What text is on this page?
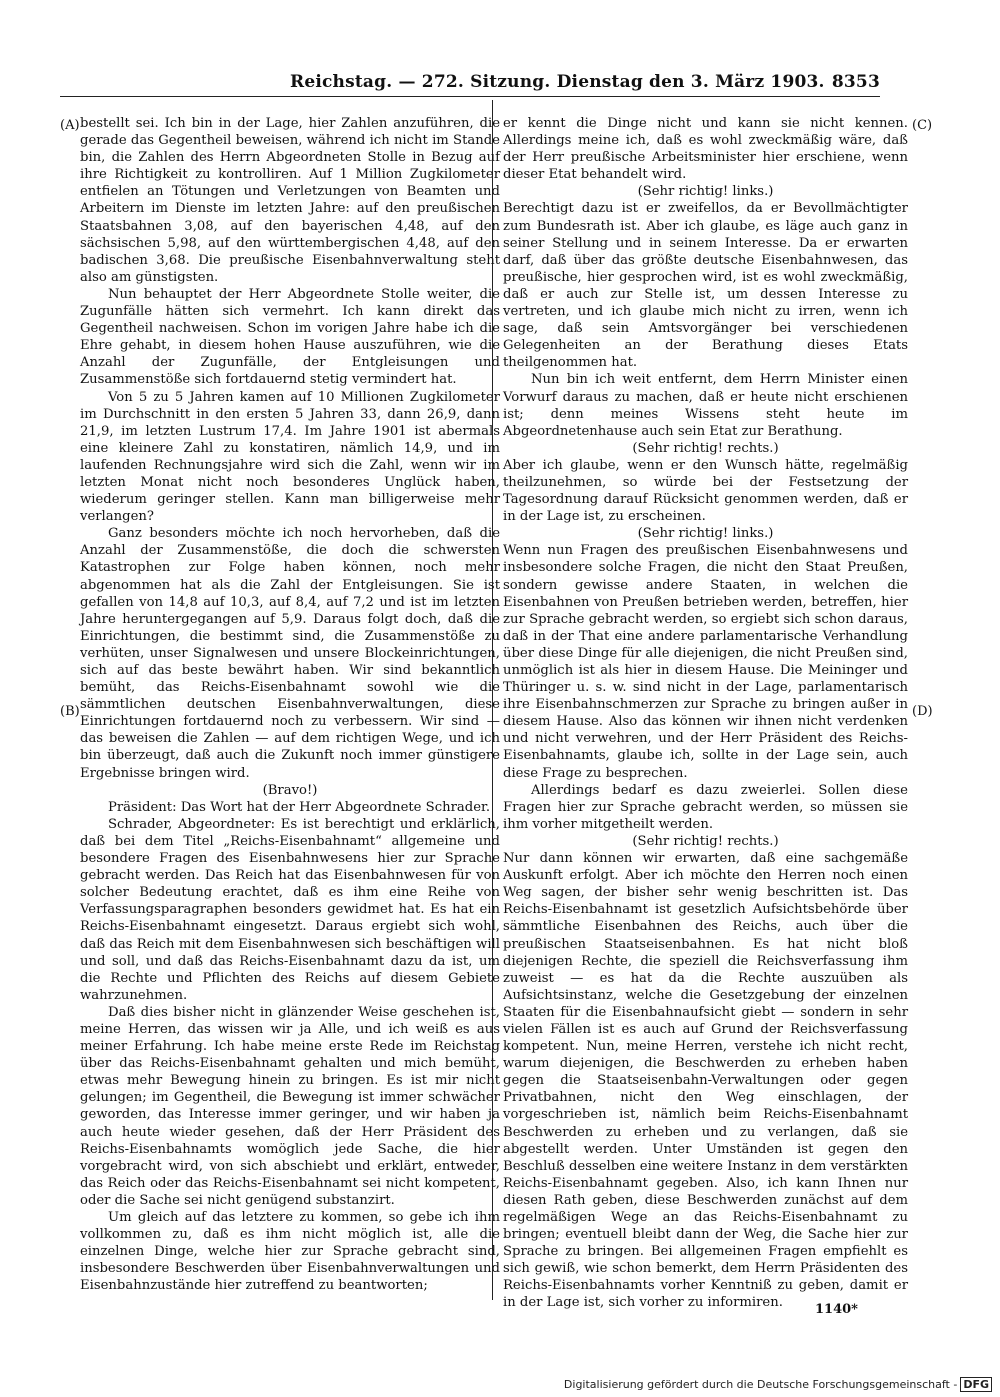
Reichstag. — 272. Sitzung. Dienstag den 3. März 1903. 8353
(A)
(B)
(C)
(D)

bestellt sei. Ich bin in der Lage, hier Zahlen anzuführen, die gerade das Gegentheil beweisen, während ich nicht im Stande bin, die Zahlen des Herrn Abgeordneten Stolle in Bezug auf ihre Richtigkeit zu kontrolliren. Auf 1 Million Zugkilometer entfielen an Tötungen und Verletzungen von Beamten und Arbeitern im Dienste im letzten Jahre: auf den preußischen Staatsbahnen 3,08, auf den bayerischen 4,48, auf den sächsischen 5,98, auf den württembergischen 4,48, auf den badischen 3,68. Die preußische Eisenbahnverwaltung steht also am günstigsten.

Nun behauptet der Herr Abgeordnete Stolle weiter, die Zugunfälle hätten sich vermehrt. Ich kann direkt das Gegentheil nachweisen. Schon im vorigen Jahre habe ich die Ehre gehabt, in diesem hohen Hause auszuführen, wie die Anzahl der Zugunfälle, der Entgleisungen und Zusammenstöße sich fortdauernd stetig vermindert hat.

Von 5 zu 5 Jahren kamen auf 10 Millionen Zugkilometer im Durchschnitt in den ersten 5 Jahren 33, dann 26,9, dann 21,9, im letzten Lustrum 17,4. Im Jahre 1901 ist abermals eine kleinere Zahl zu konstatiren, nämlich 14,9, und im laufenden Rechnungsjahre wird sich die Zahl, wenn wir im letzten Monat nicht noch besonderes Unglück haben, wiederum geringer stellen. Kann man billigerweise mehr verlangen?

Ganz besonders möchte ich noch hervorheben, daß die Anzahl der Zusammenstöße, die doch die schwersten Katastrophen zur Folge haben können, noch mehr abgenommen hat als die Zahl der Entgleisungen. Sie ist gefallen von 14,8 auf 10,3, auf 8,4, auf 7,2 und ist im letzten Jahre heruntergegangen auf 5,9. Daraus folgt doch, daß die Einrichtungen, die bestimmt sind, die Zusammenstöße zu verhüten, unser Signalwesen und unsere Blockeinrichtungen, sich auf das beste bewährt haben. Wir sind bekanntlich bemüht, das Reichs-Eisenbahnamt sowohl wie die sämmtlichen deutschen Eisenbahnverwaltungen, diese Einrichtungen fortdauernd noch zu verbessern. Wir sind — das beweisen die Zahlen — auf dem richtigen Wege, und ich bin überzeugt, daß auch die Zukunft noch immer günstigere Ergebnisse bringen wird.

(Bravo!)

Präsident: Das Wort hat der Herr Abgeordnete Schrader.

Schrader, Abgeordneter: Es ist berechtigt und erklärlich, daß bei dem Titel „Reichs-Eisenbahnamt“ allgemeine und besondere Fragen des Eisenbahnwesens hier zur Sprache gebracht werden. Das Reich hat das Eisenbahnwesen für von solcher Bedeutung erachtet, daß es ihm eine Reihe von Verfassungsparagraphen besonders gewidmet hat. Es hat ein Reichs-Eisenbahnamt eingesetzt. Daraus ergiebt sich wohl, daß das Reich mit dem Eisenbahnwesen sich beschäftigen will und soll, und daß das Reichs-Eisenbahnamt dazu da ist, um die Rechte und Pflichten des Reichs auf diesem Gebiete wahrzunehmen.

Daß dies bisher nicht in glänzender Weise geschehen ist, meine Herren, das wissen wir ja Alle, und ich weiß es aus meiner Erfahrung. Ich habe meine erste Rede im Reichstag über das Reichs-Eisenbahnamt gehalten und mich bemüht, etwas mehr Bewegung hinein zu bringen. Es ist mir nicht gelungen; im Gegentheil, die Bewegung ist immer schwächer geworden, das Interesse immer geringer, und wir haben ja auch heute wieder gesehen, daß der Herr Präsident des Reichs-Eisenbahnamts womöglich jede Sache, die hier vorgebracht wird, von sich abschiebt und erklärt, entweder, das Reich oder das Reichs-Eisenbahnamt sei nicht kompetent, oder die Sache sei nicht genügend substanzirt.

Um gleich auf das letztere zu kommen, so gebe ich ihm vollkommen zu, daß es ihm nicht möglich ist, alle die einzelnen Dinge, welche hier zur Sprache gebracht sind, insbesondere Beschwerden über Eisenbahnverwaltungen und Eisenbahnzustände hier zutreffend zu beantworten;

er kennt die Dinge nicht und kann sie nicht kennen. Allerdings meine ich, daß es wohl zweckmäßig wäre, daß der Herr preußische Arbeitsminister hier erschiene, wenn dieser Etat behandelt wird.

(Sehr richtig! links.)

Berechtigt dazu ist er zweifellos, da er Bevollmächtigter zum Bundesrath ist. Aber ich glaube, es läge auch ganz in seiner Stellung und in seinem Interesse. Da er erwarten darf, daß über das größte deutsche Eisenbahnwesen, das preußische, hier gesprochen wird, ist es wohl zweckmäßig, daß er auch zur Stelle ist, um dessen Interesse zu vertreten, und ich glaube mich nicht zu irren, wenn ich sage, daß sein Amtsvorgänger bei verschiedenen Gelegenheiten an der Berathung dieses Etats theilgenommen hat.

Nun bin ich weit entfernt, dem Herrn Minister einen Vorwurf daraus zu machen, daß er heute nicht erschienen ist; denn meines Wissens steht heute im Abgeordnetenhause auch sein Etat zur Berathung.

(Sehr richtig! rechts.)

Aber ich glaube, wenn er den Wunsch hätte, regelmäßig theilzunehmen, so würde bei der Festsetzung der Tagesordnung darauf Rücksicht genommen werden, daß er in der Lage ist, zu erscheinen.

(Sehr richtig! links.)

Wenn nun Fragen des preußischen Eisenbahnwesens und insbesondere solche Fragen, die nicht den Staat Preußen, sondern gewisse andere Staaten, in welchen die Eisenbahnen von Preußen betrieben werden, betreffen, hier zur Sprache gebracht werden, so ergiebt sich schon daraus, daß in der That eine andere parlamentarische Verhandlung über diese Dinge für alle diejenigen, die nicht Preußen sind, unmöglich ist als hier in diesem Hause. Die Meininger und Thüringer u. s. w. sind nicht in der Lage, parlamentarisch ihre Eisenbahnschmerzen zur Sprache zu bringen außer in diesem Hause. Also das können wir ihnen nicht verdenken und nicht verwehren, und der Herr Präsident des Reichs-Eisenbahnamts, glaube ich, sollte in der Lage sein, auch diese Frage zu besprechen.

Allerdings bedarf es dazu zweierlei. Sollen diese Fragen hier zur Sprache gebracht werden, so müssen sie ihm vorher mitgetheilt werden.

(Sehr richtig! rechts.)

Nur dann können wir erwarten, daß eine sachgemäße Auskunft erfolgt. Aber ich möchte den Herren noch einen Weg sagen, der bisher sehr wenig beschritten ist. Das Reichs-Eisenbahnamt ist gesetzlich Aufsichtsbehörde über sämmtliche Eisenbahnen des Reichs, auch über die preußischen Staatseisenbahnen. Es hat nicht bloß diejenigen Rechte, die speziell die Reichsverfassung ihm zuweist — es hat da die Rechte auszuüben als Aufsichtsinstanz, welche die Gesetzgebung der einzelnen Staaten für die Eisenbahnaufsicht giebt — sondern in sehr vielen Fällen ist es auch auf Grund der Reichsverfassung kompetent. Nun, meine Herren, verstehe ich nicht recht, warum diejenigen, die Beschwerden zu erheben haben gegen die Staatseisenbahn-Verwaltungen oder gegen Privatbahnen, nicht den Weg einschlagen, der vorgeschrieben ist, nämlich beim Reichs-Eisenbahnamt Beschwerden zu erheben und zu verlangen, daß sie abgestellt werden. Unter Umständen ist gegen den Beschluß desselben eine weitere Instanz in dem verstärkten Reichs-Eisenbahnamt gegeben. Also, ich kann Ihnen nur diesen Rath geben, diese Beschwerden zunächst auf dem regelmäßigen Wege an das Reichs-Eisenbahnamt zu bringen; eventuell bleibt dann der Weg, die Sache hier zur Sprache zu bringen. Bei allgemeinen Fragen empfiehlt es sich gewiß, wie schon bemerkt, dem Herrn Präsidenten des Reichs-Eisenbahnamts vorher Kenntniß zu geben, damit er in der Lage ist, sich vorher zu informiren.	1140*
Digitalisierung gefördert durch die Deutsche Forschungsgemeinschaft - DFG
